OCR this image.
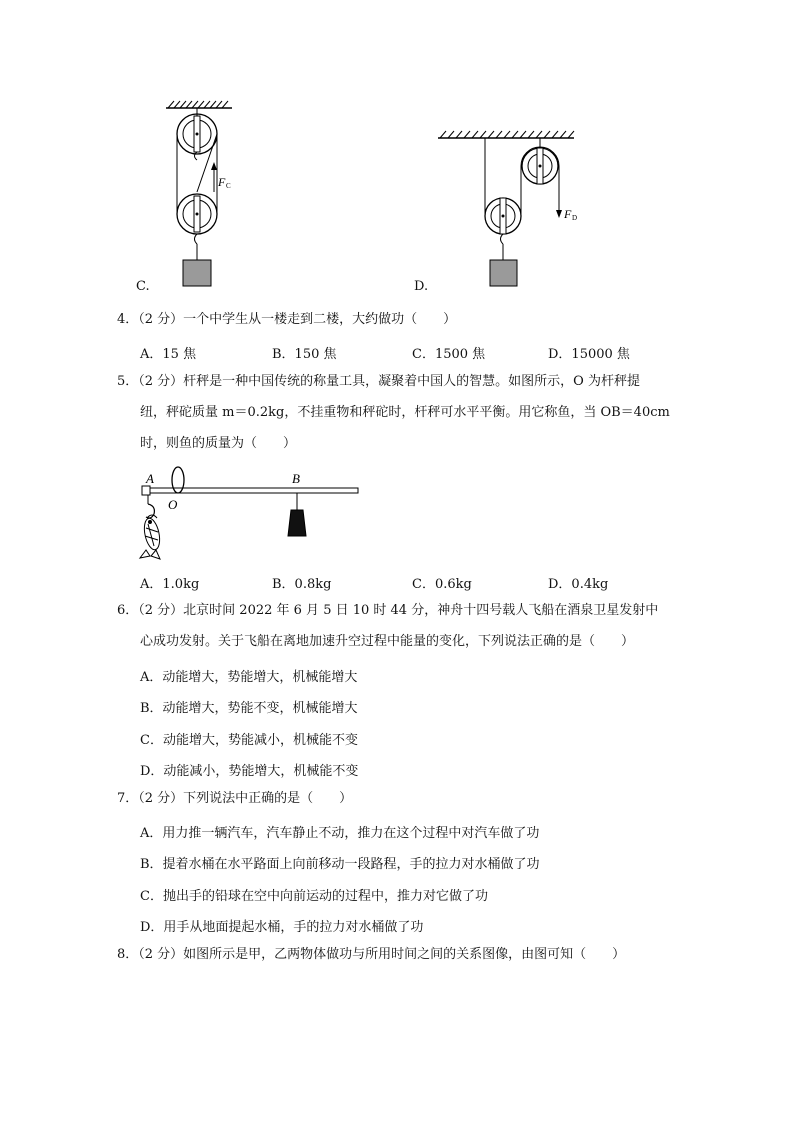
F C
C.
F D
D.
4．（2 分）一个中学生从一楼走到二楼，大约做功（　　）
A．15 焦	B．150 焦	C．1500 焦	D．15000 焦
5．（2 分）杆秤是一种中国传统的称量工具，凝聚着中国人的智慧。如图所示，O 为杆秤提
纽，秤砣质量 m＝0.2kg，不挂重物和秤砣时，杆秤可水平平衡。用它称鱼，当 OB＝40cm
时，则鱼的质量为（　　）
A
O
B
A．1.0kg	B．0.8kg	C．0.6kg	D．0.4kg
6．（2 分）北京时间 2022 年 6 月 5 日 10 时 44 分，神舟十四号载人飞船在酒泉卫星发射中
心成功发射。关于飞船在离地加速升空过程中能量的变化，下列说法正确的是（　　）
A．动能增大，势能增大，机械能增大
B．动能增大，势能不变，机械能增大
C．动能增大，势能减小，机械能不变
D．动能减小，势能增大，机械能不变
7．（2 分）下列说法中正确的是（　　）
A．用力推一辆汽车，汽车静止不动，推力在这个过程中对汽车做了功
B．提着水桶在水平路面上向前移动一段路程，手的拉力对水桶做了功
C．抛出手的铅球在空中向前运动的过程中，推力对它做了功
D．用手从地面提起水桶，手的拉力对水桶做了功
8．（2 分）如图所示是甲，乙两物体做功与所用时间之间的关系图像，由图可知（　　）
